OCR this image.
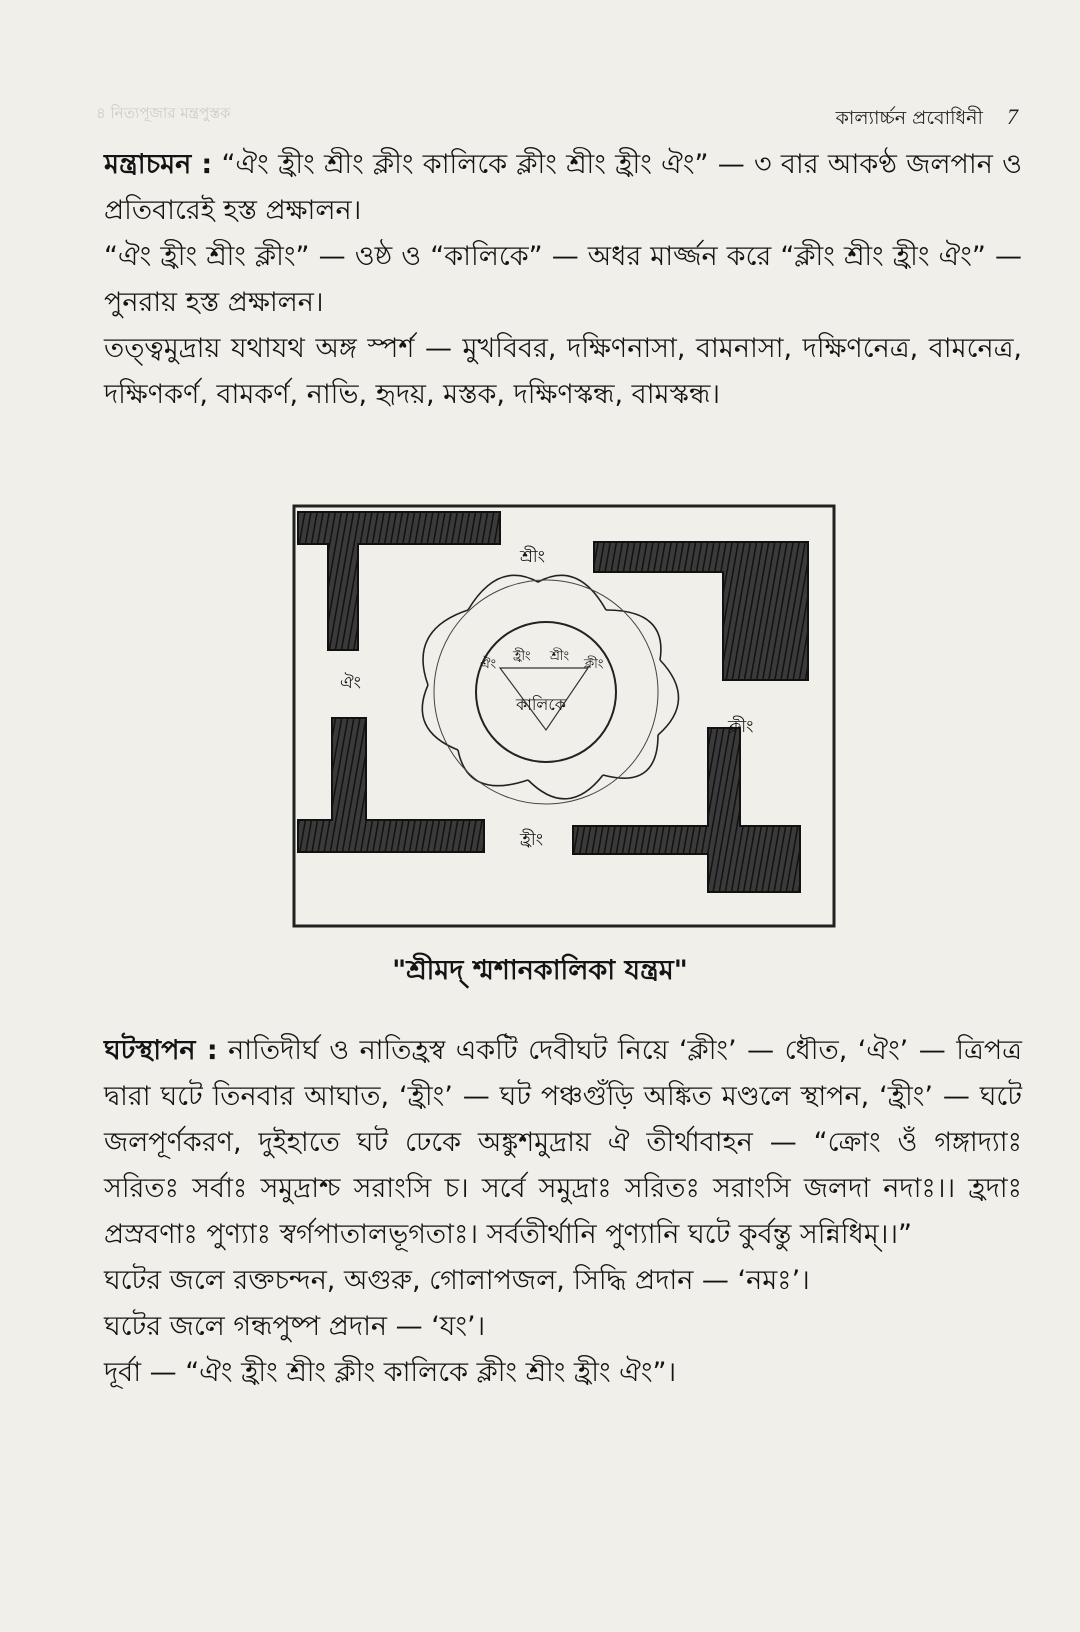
৪ নিত্যপূজার মন্ত্রপুস্তক	কাল্যার্চ্চন প্রবোধিনী 7

মন্ত্রাচমন : “ঐং হ্রীং শ্রীং ক্লীং কালিকে ক্লীং শ্রীং হ্রীং ঐং” — ৩ বার আকণ্ঠ জলপান ও প্রতিবারেই হস্ত প্রক্ষালন।

“ঐং হ্রীং শ্রীং ক্লীং” — ওষ্ঠ ও “কালিকে” — অধর মার্জ্জন করে “ক্লীং শ্রীং হ্রীং ঐং” — পুনরায় হস্ত প্রক্ষালন।

তত্ত্বমুদ্রায় যথাযথ অঙ্গ স্পর্শ — মুখবিবর, দক্ষিণনাসা, বামনাসা, দক্ষিণনেত্র, বামনেত্র, দক্ষিণকর্ণ, বামকর্ণ, নাভি, হৃদয়, মস্তক, দক্ষিণস্কন্ধ, বামস্কন্ধ।

শ্রীং
ঐং
ক্লীং
হ্রীং
কালিকে
ঐং
হ্রীং শ্রীং
ক্লীং
"শ্রীমদ্ শ্মশানকালিকা যন্ত্রম"

ঘটস্থাপন : নাতিদীর্ঘ ও নাতিহ্রস্ব একটি দেবীঘট নিয়ে ‘ক্লীং’ — ধৌত, ‘ঐং’ — ত্রিপত্র দ্বারা ঘটে তিনবার আঘাত, ‘হ্রীং’ — ঘট পঞ্চগুঁড়ি অঙ্কিত মণ্ডলে স্থাপন, ‘হ্রীং’ — ঘটে জলপূর্ণকরণ, দুইহাতে ঘট ঢেকে অঙ্কুশমুদ্রায় ঐ তীর্থাবাহন — “ক্রোং ওঁ গঙ্গাদ্যাঃ সরিতঃ সর্বাঃ সমুদ্রাশ্চ সরাংসি চ। সর্বে সমুদ্রাঃ সরিতঃ সরাংসি জলদা নদাঃ।। হ্রদাঃ প্রস্রবণাঃ পুণ্যাঃ স্বর্গপাতালভূগতাঃ। সর্বতীর্থানি পুণ্যানি ঘটে কুর্বন্তু সন্নিধিম্।।”

ঘটের জলে রক্তচন্দন, অগুরু, গোলাপজল, সিদ্ধি প্রদান — ‘নমঃ’।

ঘটের জলে গন্ধপুষ্প প্রদান — ‘যং’।

দূর্বা — “ঐং হ্রীং শ্রীং ক্লীং কালিকে ক্লীং শ্রীং হ্রীং ঐং”।
